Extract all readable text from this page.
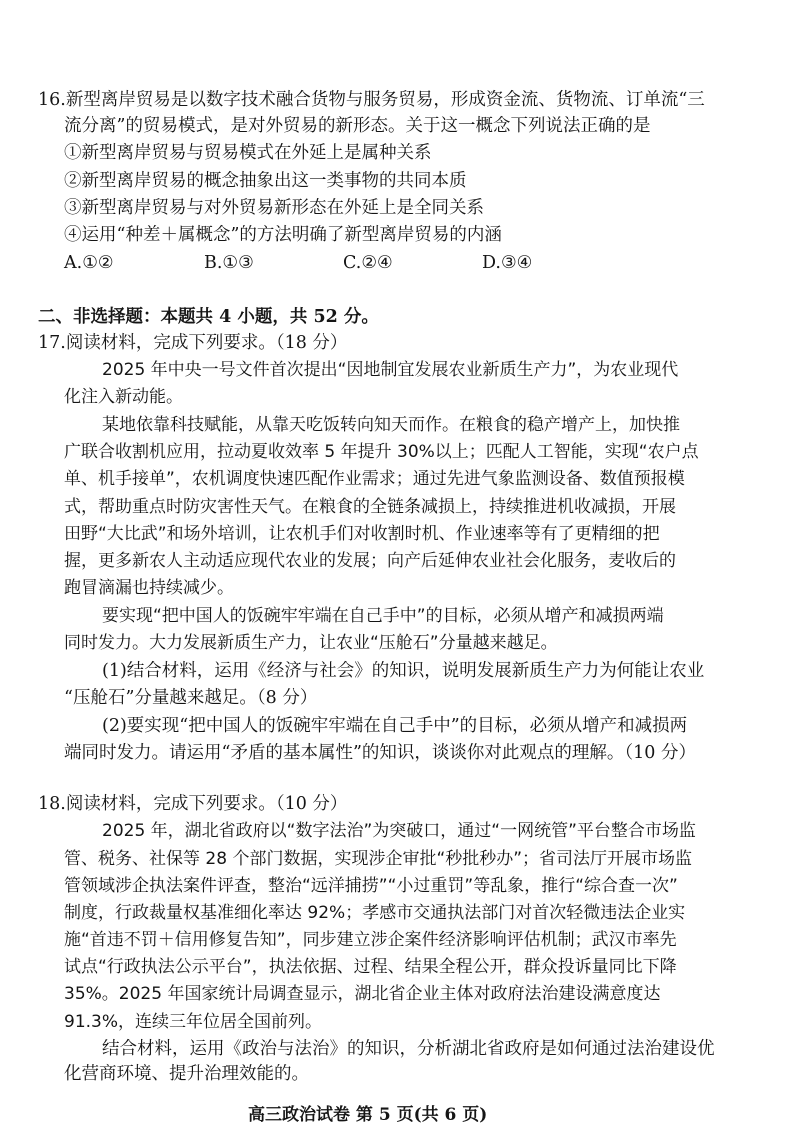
16.新型离岸贸易是以数字技术融合货物与服务贸易，形成资金流、货物流、订单流“三

流分离”的贸易模式，是对外贸易的新形态。关于这一概念下列说法正确的是

①新型离岸贸易与贸易模式在外延上是属种关系

②新型离岸贸易的概念抽象出这一类事物的共同本质

③新型离岸贸易与对外贸易新形态在外延上是全同关系

④运用“种差＋属概念”的方法明确了新型离岸贸易的内涵

A.①②	B.①③	C.②④	D.③④

二、非选择题：本题共 4 小题，共 52 分。

17.阅读材料，完成下列要求。（18 分）

2025 年中央一号文件首次提出“因地制宜发展农业新质生产力”，为农业现代

化注入新动能。

某地依靠科技赋能，从靠天吃饭转向知天而作。在粮食的稳产增产上，加快推

广联合收割机应用，拉动夏收效率 5 年提升 30%以上；匹配人工智能，实现“农户点

单、机手接单”，农机调度快速匹配作业需求；通过先进气象监测设备、数值预报模

式，帮助重点时防灾害性天气。在粮食的全链条减损上，持续推进机收减损，开展

田野“大比武”和场外培训，让农机手们对收割时机、作业速率等有了更精细的把

握，更多新农人主动适应现代农业的发展；向产后延伸农业社会化服务，麦收后的

跑冒滴漏也持续减少。

要实现“把中国人的饭碗牢牢端在自己手中”的目标，必须从增产和减损两端

同时发力。大力发展新质生产力，让农业“压舱石”分量越来越足。

(1)结合材料，运用《经济与社会》的知识，说明发展新质生产力为何能让农业

“压舱石”分量越来越足。（8 分）

(2)要实现“把中国人的饭碗牢牢端在自己手中”的目标，必须从增产和减损两

端同时发力。请运用“矛盾的基本属性”的知识，谈谈你对此观点的理解。（10 分）

18.阅读材料，完成下列要求。（10 分）

2025 年，湖北省政府以“数字法治”为突破口，通过“一网统管”平台整合市场监

管、税务、社保等 28 个部门数据，实现涉企审批“秒批秒办”；省司法厅开展市场监

管领域涉企执法案件评查，整治“远洋捕捞”“小过重罚”等乱象，推行“综合查一次”

制度，行政裁量权基准细化率达 92%；孝感市交通执法部门对首次轻微违法企业实

施“首违不罚＋信用修复告知”，同步建立涉企案件经济影响评估机制；武汉市率先

试点“行政执法公示平台”，执法依据、过程、结果全程公开，群众投诉量同比下降

35%。2025 年国家统计局调查显示，湖北省企业主体对政府法治建设满意度达

91.3%，连续三年位居全国前列。

结合材料，运用《政治与法治》的知识，分析湖北省政府是如何通过法治建设优

化营商环境、提升治理效能的。

高三政治试卷 第 5 页(共 6 页)
